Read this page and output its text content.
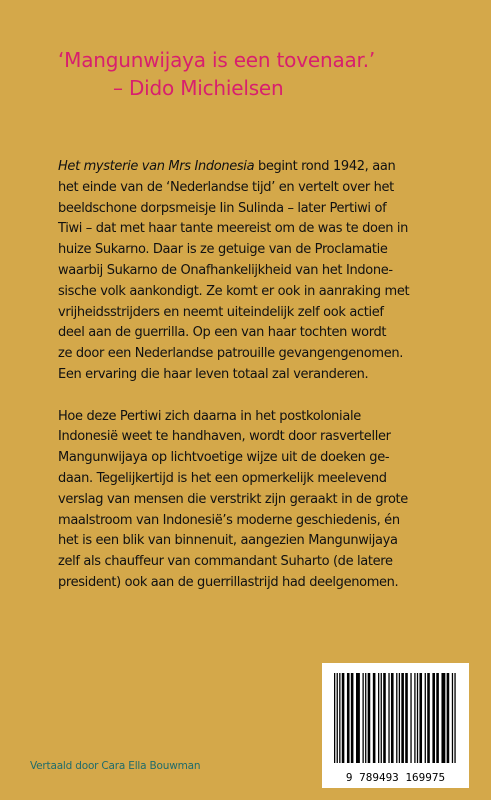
‘Mangunwijaya is een tovenaar.’
– Dido Michielsen

Het mysterie van Mrs Indonesia begint rond 1942, aan

het einde van de ‘Nederlandse tijd’ en vertelt over het

beeldschone dorpsmeisje Iin Sulinda – later Pertiwi of

Tiwi – dat met haar tante meereist om de was te doen in

huize Sukarno. Daar is ze getuige van de Proclamatie

waarbij Sukarno de Onafhankelijkheid van het Indone-

sische volk aankondigt. Ze komt er ook in aanraking met

vrijheidsstrijders en neemt uiteindelijk zelf ook actief

deel aan de guerrilla. Op een van haar tochten wordt

ze door een Nederlandse patrouille gevangengenomen.

Een ervaring die haar leven totaal zal veranderen.

Hoe deze Pertiwi zich daarna in het postkoloniale

Indonesië weet te handhaven, wordt door rasverteller

Mangunwijaya op lichtvoetige wijze uit de doeken ge-

daan. Tegelijkertijd is het een opmerkelijk meelevend

verslag van mensen die verstrikt zijn geraakt in de grote

maalstroom van Indonesië’s moderne geschiedenis, én

het is een blik van binnenuit, aangezien Mangunwijaya

zelf als chauffeur van commandant Suharto (de latere

president) ook aan de guerrillastrijd had deelgenomen.

Vertaald door Cara Ella Bouwman
9 789493 169975
